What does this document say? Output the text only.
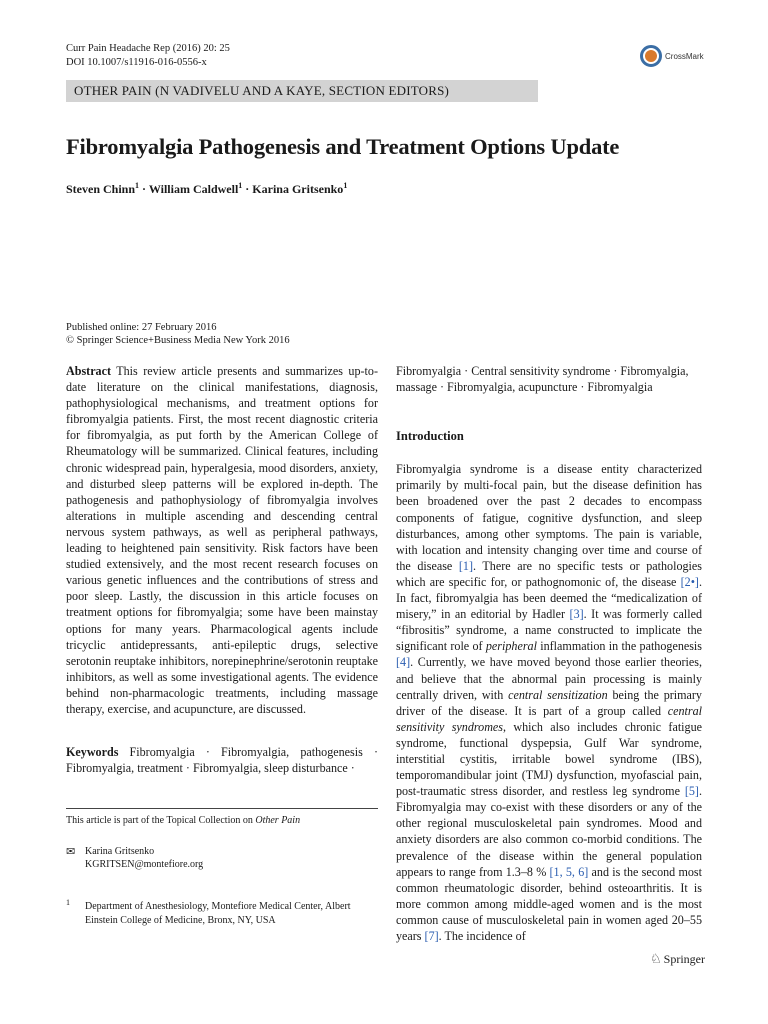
Curr Pain Headache Rep (2016) 20: 25
DOI 10.1007/s11916-016-0556-x
CrossMark
OTHER PAIN (N VADIVELU AND A KAYE, SECTION EDITORS)
Fibromyalgia Pathogenesis and Treatment Options Update
Steven Chinn$^1$ · William Caldwell$^1$ · Karina Gritsenko$^1$
Published online: 27 February 2016
© Springer Science+Business Media New York 2016

Abstract This review article presents and summarizes up-to-date literature on the clinical manifestations, diagnosis, pathophysiological mechanisms, and treatment options for fibromyalgia patients. First, the most recent diagnostic criteria for fibromyalgia, as put forth by the American College of Rheumatology will be summarized. Clinical features, including chronic widespread pain, hyperalgesia, mood disorders, anxiety, and disturbed sleep patterns will be explored in-depth. The pathogenesis and pathophysiology of fibromyalgia involves alterations in multiple ascending and descending central nervous system pathways, as well as peripheral pathways, leading to heightened pain sensitivity. Risk factors have been studied extensively, and the most recent research focuses on various genetic influences and the contributions of stress and poor sleep. Lastly, the discussion in this article focuses on treatment options for fibromyalgia; some have been mainstay options for many years. Pharmacological agents include tricyclic antidepressants, anti-epileptic drugs, selective serotonin reuptake inhibitors, norepinephrine/serotonin reuptake inhibitors, as well as some investigational agents. The evidence behind non-pharmacologic treatments, including massage therapy, exercise, and acupuncture, are discussed.

Keywords Fibromyalgia · Fibromyalgia, pathogenesis · Fibromyalgia, treatment · Fibromyalgia, sleep disturbance ·

This article is part of the Topical Collection on Other Pain
✉ Karina Gritsenko
KGRITSEN@montefiore.org
1 Department of Anesthesiology, Montefiore Medical Center, Albert Einstein College of Medicine, Bronx, NY, USA

Fibromyalgia · Central sensitivity syndrome · Fibromyalgia, massage · Fibromyalgia, acupuncture · Fibromyalgia

Introduction

Fibromyalgia syndrome is a disease entity characterized primarily by multi-focal pain, but the disease definition has been broadened over the past 2 decades to encompass components of fatigue, cognitive dysfunction, and sleep disturbances, among other symptoms. The pain is variable, with location and intensity changing over time and course of the disease [1]. There are no specific tests or pathologies which are specific for, or pathognomonic of, the disease [2•]. In fact, fibromyalgia has been deemed the “medicalization of misery,” in an editorial by Hadler [3]. It was formerly called “fibrositis” syndrome, a name constructed to implicate the significant role of peripheral inflammation in the pathogenesis [4]. Currently, we have moved beyond those earlier theories, and believe that the abnormal pain processing is mainly centrally driven, with central sensitization being the primary driver of the disease. It is part of a group called central sensitivity syndromes, which also includes chronic fatigue syndrome, functional dyspepsia, Gulf War syndrome, interstitial cystitis, irritable bowel syndrome (IBS), temporomandibular joint (TMJ) dysfunction, myofascial pain, post-traumatic stress disorder, and restless leg syndrome [5]. Fibromyalgia may co-exist with these disorders or any of the other regional musculoskeletal pain syndromes. Mood and anxiety disorders are also common co-morbid conditions. The prevalence of the disease within the general population appears to range from 1.3–8 % [1, 5, 6] and is the second most common rheumatologic disorder, behind osteoarthritis. It is more common among middle-aged women and is the most common cause of musculoskeletal pain in women aged 20–55 years [7]. The incidence of

♘ Springer
